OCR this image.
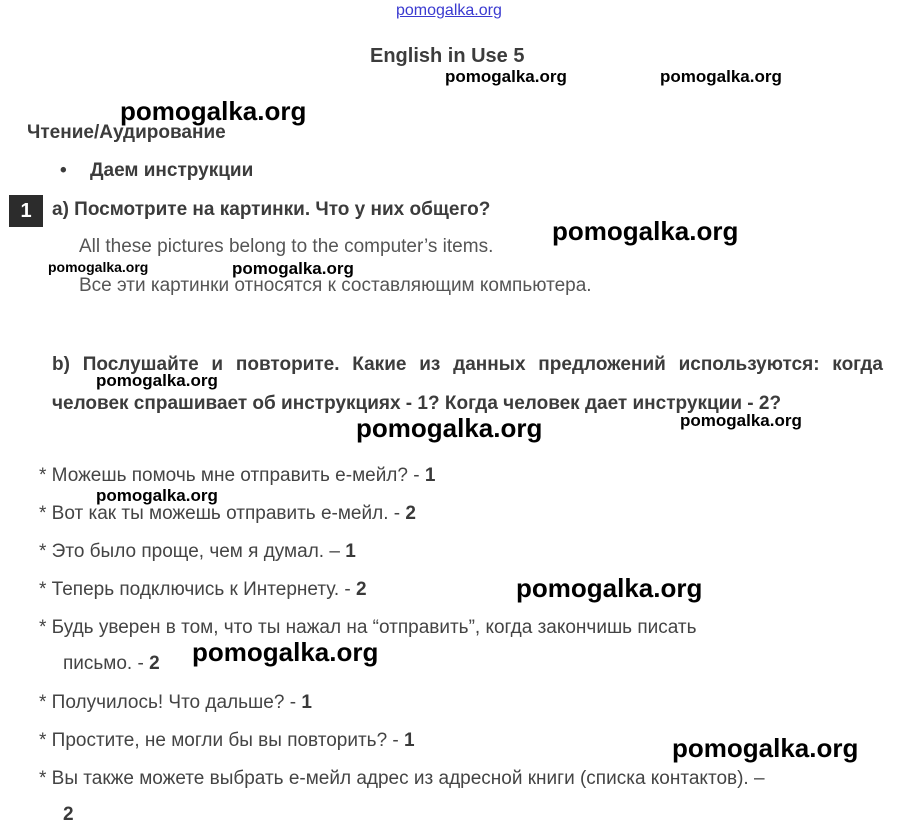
pomogalka.org
English in Use 5
Чтение/Аудирование
• Даем инструкции
1	a) Посмотрите на картинки. Что у них общего?
All these pictures belong to the computer’s items.
Все эти картинки относятся к составляющим компьютера.
b) Послушайте и повторите. Какие из данных предложений используются: когда человек спрашивает об инструкциях - 1? Когда человек дает инструкции - 2?
* Можешь помочь мне отправить е-мейл? - 1
* Вот как ты можешь отправить е-мейл. - 2
* Это было проще, чем я думал. – 1
* Теперь подключись к Интернету. - 2
* Будь уверен в том, что ты нажал на “отправить”, когда закончишь писать
письмо. - 2
* Получилось! Что дальше? - 1
* Простите, не могли бы вы повторить? - 1
* Вы также можете выбрать е-мейл адрес из адресной книги (списка контактов). –
2
pomogalka.org	pomogalka.org
pomogalka.org
pomogalka.org
pomogalka.org	pomogalka.org
pomogalka.org
pomogalka.org
pomogalka.org
pomogalka.org
pomogalka.org
pomogalka.org
pomogalka.org
